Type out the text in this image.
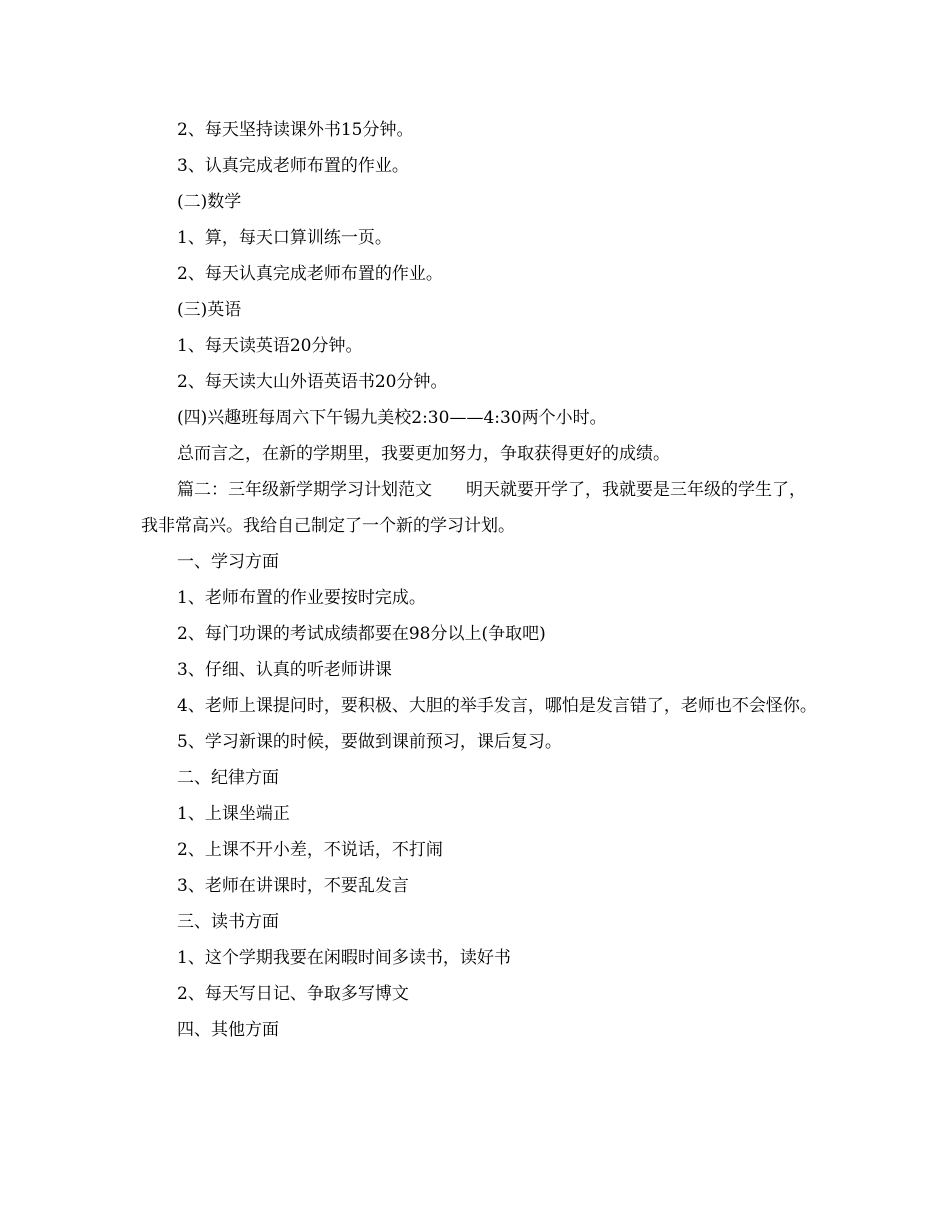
2、每天坚持读课外书15分钟。

3、认真完成老师布置的作业。

(二)数学

1、算，每天口算训练一页。

2、每天认真完成老师布置的作业。

(三)英语

1、每天读英语20分钟。

2、每天读大山外语英语书20分钟。

(四)兴趣班每周六下午锡九美校2:30——4:30两个小时。

总而言之，在新的学期里，我要更加努力，争取获得更好的成绩。

篇二：三年级新学期学习计划范文　　明天就要开学了，我就要是三年级的学生了，我非常高兴。我给自己制定了一个新的学习计划。

一、学习方面

1、老师布置的作业要按时完成。

2、每门功课的考试成绩都要在98分以上(争取吧)

3、仔细、认真的听老师讲课

4、老师上课提问时，要积极、大胆的举手发言，哪怕是发言错了，老师也不会怪你。

5、学习新课的时候，要做到课前预习，课后复习。

二、纪律方面

1、上课坐端正

2、上课不开小差，不说话，不打闹

3、老师在讲课时，不要乱发言

三、读书方面

1、这个学期我要在闲暇时间多读书，读好书

2、每天写日记、争取多写博文

四、其他方面
